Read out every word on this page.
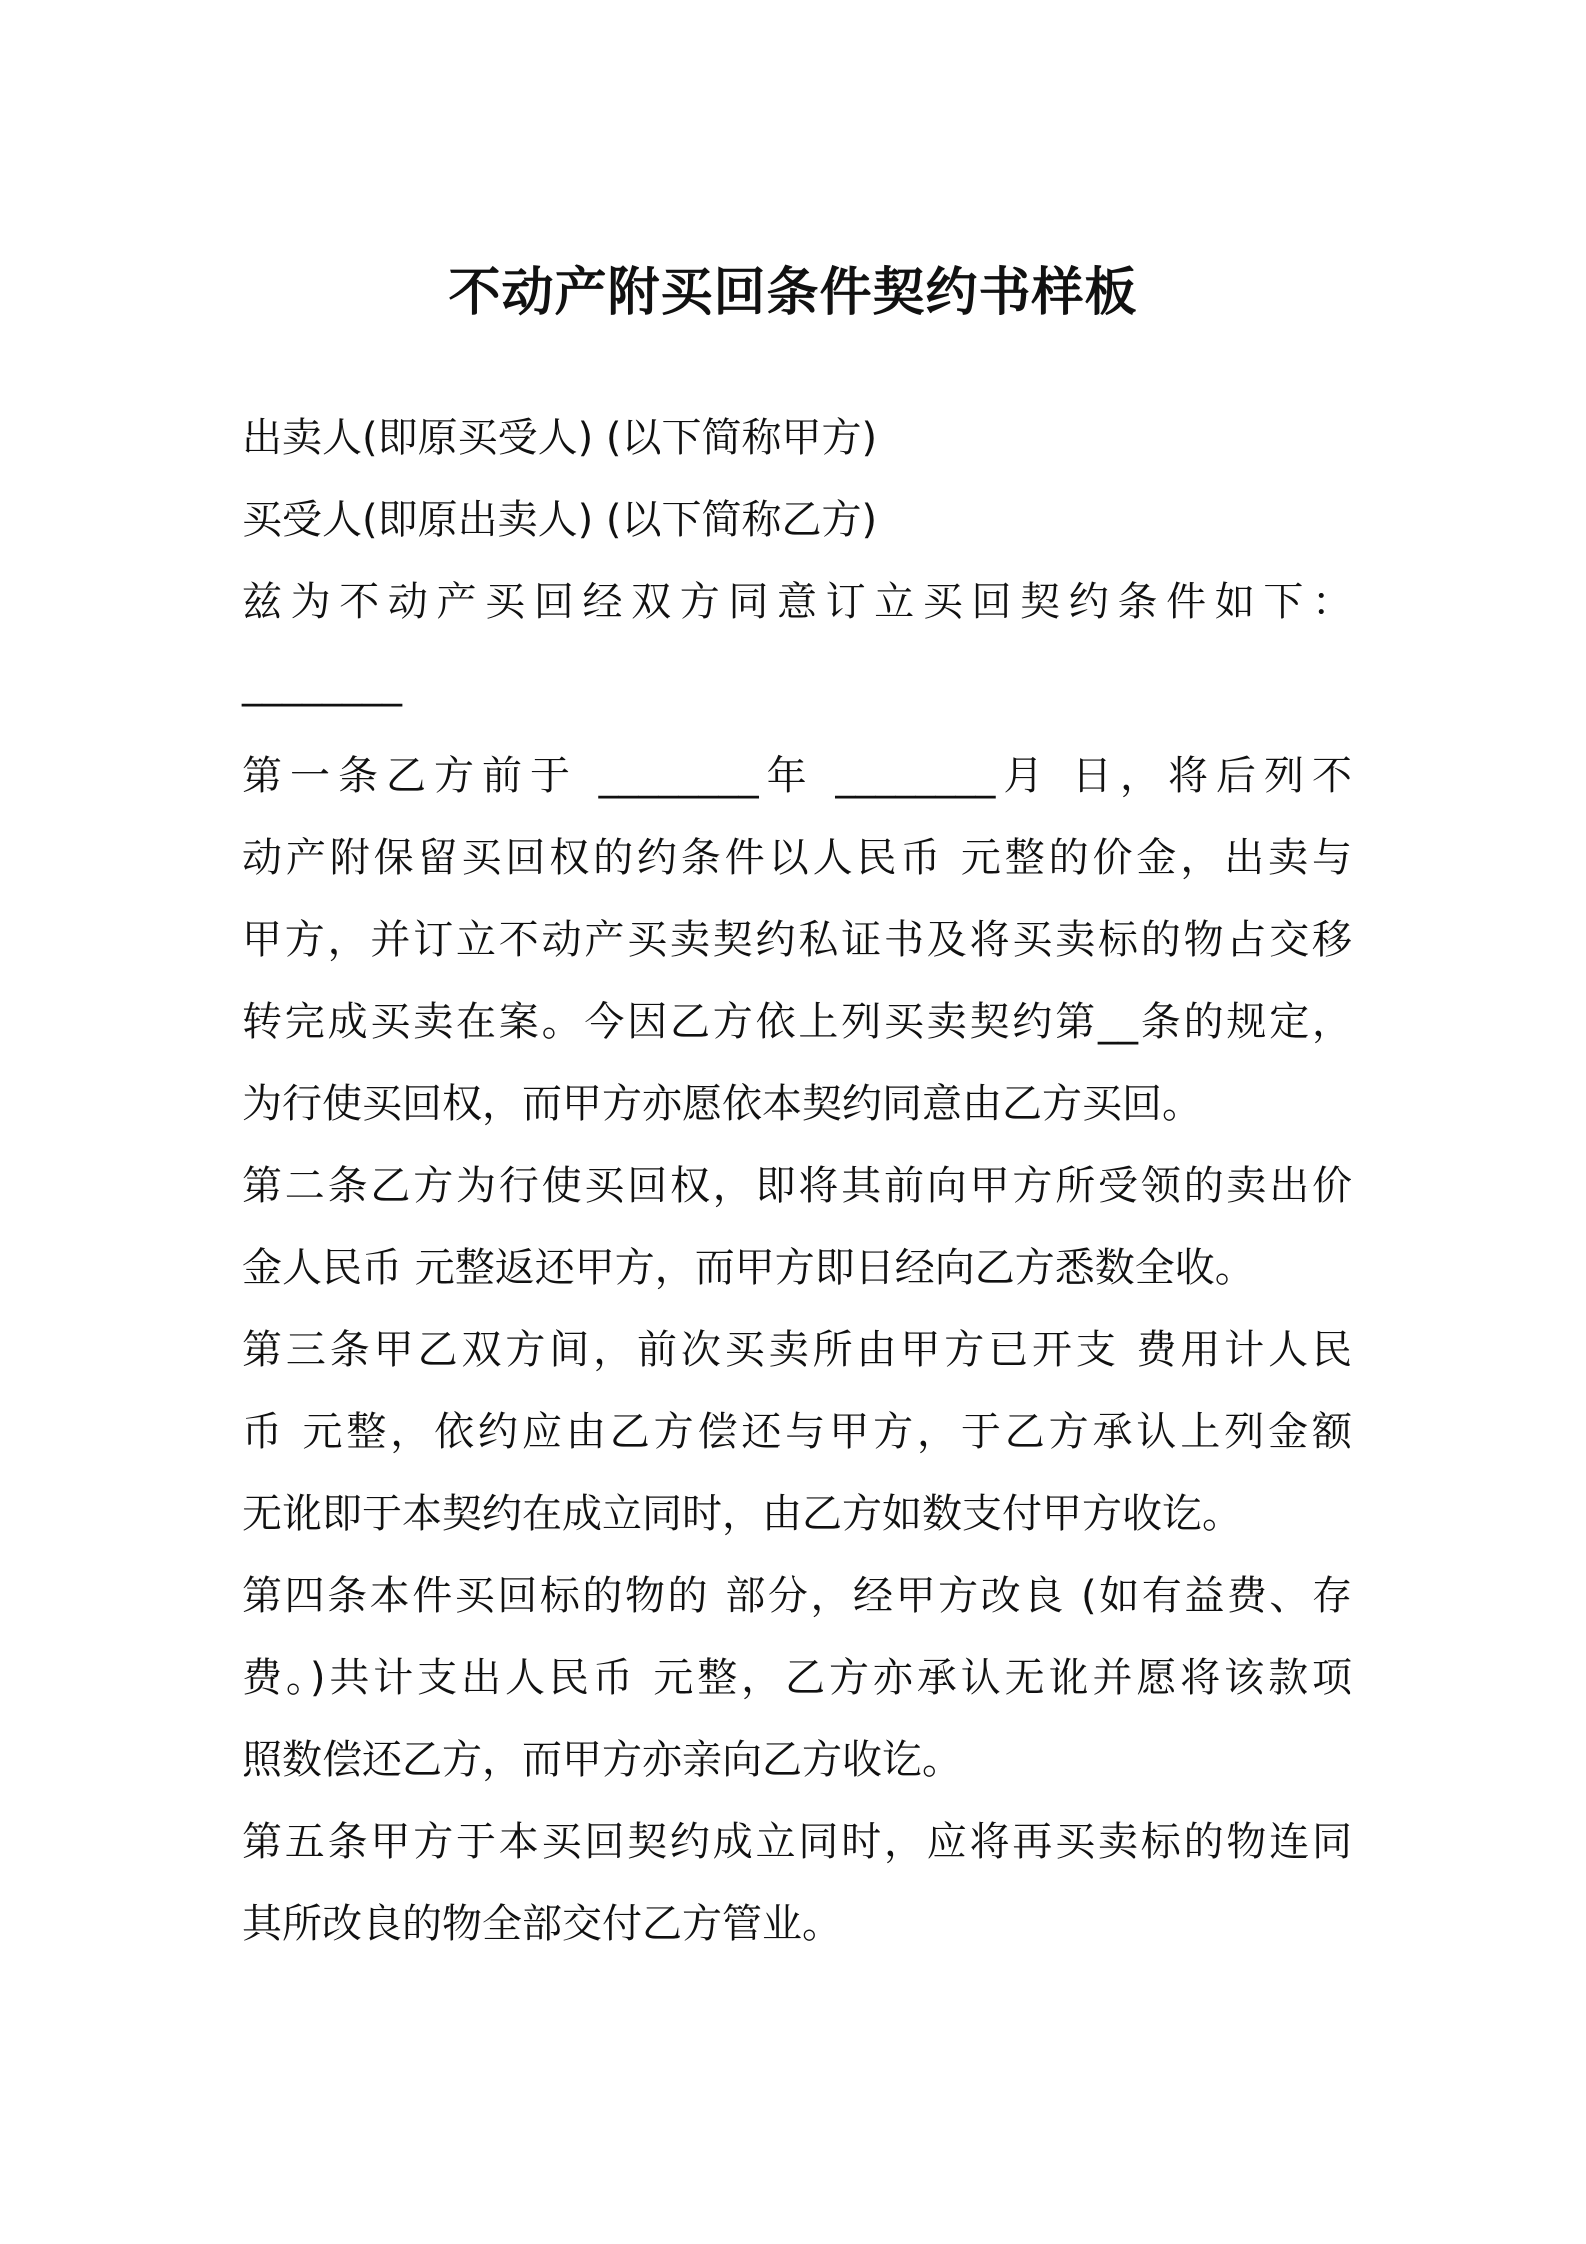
不动产附买回条件契约书样板
出卖人(即原买受人) (以下简称甲方)
买受人(即原出卖人) (以下简称乙方)
兹为不动产买回经双方同意订立买回契约条件如下：
________
第一条乙方前于 ________年 ________月 日，将后列不
动产附保留买回权的约条件以人民币 元整的价金，出卖与
甲方，并订立不动产买卖契约私证书及将买卖标的物占交移
转完成买卖在案。今因乙方依上列买卖契约第__条的规定，
为行使买回权，而甲方亦愿依本契约同意由乙方买回。
第二条乙方为行使买回权，即将其前向甲方所受领的卖出价
金人民币 元整返还甲方，而甲方即日经向乙方悉数全收。
第三条甲乙双方间，前次买卖所由甲方已开支 费用计人民
币 元整，依约应由乙方偿还与甲方，于乙方承认上列金额
无讹即于本契约在成立同时，由乙方如数支付甲方收讫。
第四条本件买回标的物的 部分，经甲方改良 (如有益费、存
费。)共计支出人民币 元整，乙方亦承认无讹并愿将该款项
照数偿还乙方，而甲方亦亲向乙方收讫。
第五条甲方于本买回契约成立同时，应将再买卖标的物连同
其所改良的物全部交付乙方管业。
